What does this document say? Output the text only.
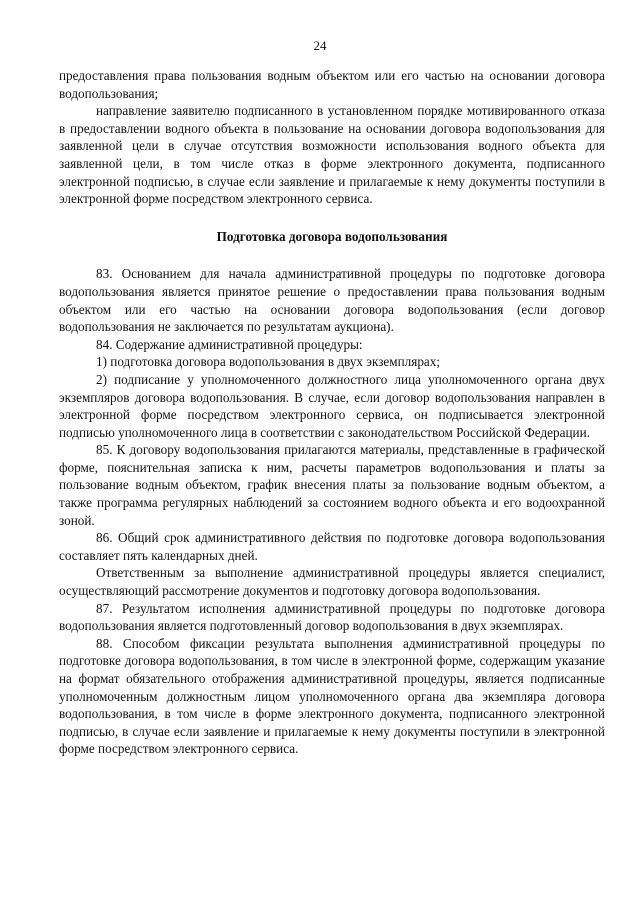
24

предоставления права пользования водным объектом или его частью на основании договора водопользования;

направление заявителю подписанного в установленном порядке мотивированного отказа в предоставлении водного объекта в пользование на основании договора водопользования для заявленной цели в случае отсутствия возможности использования водного объекта для заявленной цели, в том числе отказ в форме электронного документа, подписанного электронной подписью, в случае если заявление и прилагаемые к нему документы поступили в электронной форме посредством электронного сервиса.

Подготовка договора водопользования

83. Основанием для начала административной процедуры по подготовке договора водопользования является принятое решение о предоставлении права пользования водным объектом или его частью на основании договора водопользования (если договор водопользования не заключается по результатам аукциона).

84. Содержание административной процедуры:

1) подготовка договора водопользования в двух экземплярах;

2) подписание у уполномоченного должностного лица уполномоченного органа двух экземпляров договора водопользования. В случае, если договор водопользования направлен в электронной форме посредством электронного сервиса, он подписывается электронной подписью уполномоченного лица в соответствии с законодательством Российской Федерации.

85. К договору водопользования прилагаются материалы, представленные в графической форме, пояснительная записка к ним, расчеты параметров водопользования и платы за пользование водным объектом, график внесения платы за пользование водным объектом, а также программа регулярных наблюдений за состоянием водного объекта и его водоохранной зоной.

86. Общий срок административного действия по подготовке договора водопользования составляет пять календарных дней.

Ответственным за выполнение административной процедуры является специалист, осуществляющий рассмотрение документов и подготовку договора водопользования.

87. Результатом исполнения административной процедуры по подготовке договора водопользования является подготовленный договор водопользования в двух экземплярах.

88. Способом фиксации результата выполнения административной процедуры по подготовке договора водопользования, в том числе в электронной форме, содержащим указание на формат обязательного отображения административной процедуры, является подписанные уполномоченным должностным лицом уполномоченного органа два экземпляра договора водопользования, в том числе в форме электронного документа, подписанного электронной подписью, в случае если заявление и прилагаемые к нему документы поступили в электронной форме посредством электронного сервиса.
